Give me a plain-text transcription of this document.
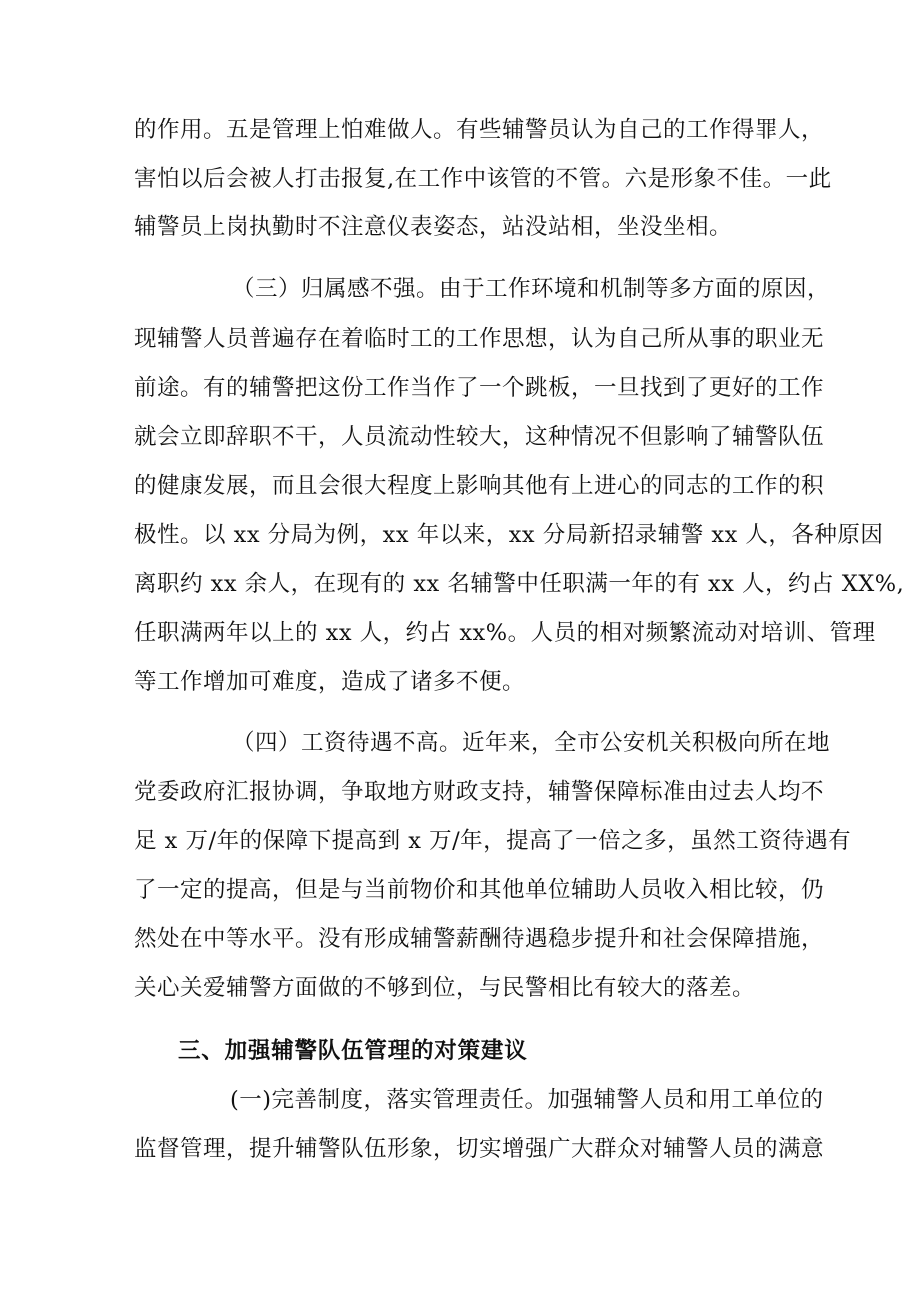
的作用。五是管理上怕难做人。有些辅警员认为自己的工作得罪人，
害怕以后会被人打击报复,在工作中该管的不管。六是形象不佳。一此
辅警员上岗执勤时不注意仪表姿态，站没站相，坐没坐相。
（三）归属感不强。由于工作环境和机制等多方面的原因，
现辅警人员普遍存在着临时工的工作思想，认为自己所从事的职业无
前途。有的辅警把这份工作当作了一个跳板，一旦找到了更好的工作
就会立即辞职不干，人员流动性较大，这种情况不但影响了辅警队伍
的健康发展，而且会很大程度上影响其他有上进心的同志的工作的积
极性。以 xx 分局为例，xx 年以来，xx 分局新招录辅警 xx 人，各种原因
离职约 xx 余人，在现有的 xx 名辅警中任职满一年的有 xx 人，约占 XX%,
任职满两年以上的 xx 人，约占 xx%。人员的相对频繁流动对培训、管理
等工作增加可难度，造成了诸多不便。
（四）工资待遇不高。近年来，全市公安机关积极向所在地
党委政府汇报协调，争取地方财政支持，辅警保障标准由过去人均不
足 x 万/年的保障下提高到 x 万/年，提高了一倍之多，虽然工资待遇有
了一定的提高，但是与当前物价和其他单位辅助人员收入相比较，仍
然处在中等水平。没有形成辅警薪酬待遇稳步提升和社会保障措施，
关心关爱辅警方面做的不够到位，与民警相比有较大的落差。
三、加强辅警队伍管理的对策建议
(一)完善制度，落实管理责任。加强辅警人员和用工单位的
监督管理，提升辅警队伍形象，切实增强广大群众对辅警人员的满意
